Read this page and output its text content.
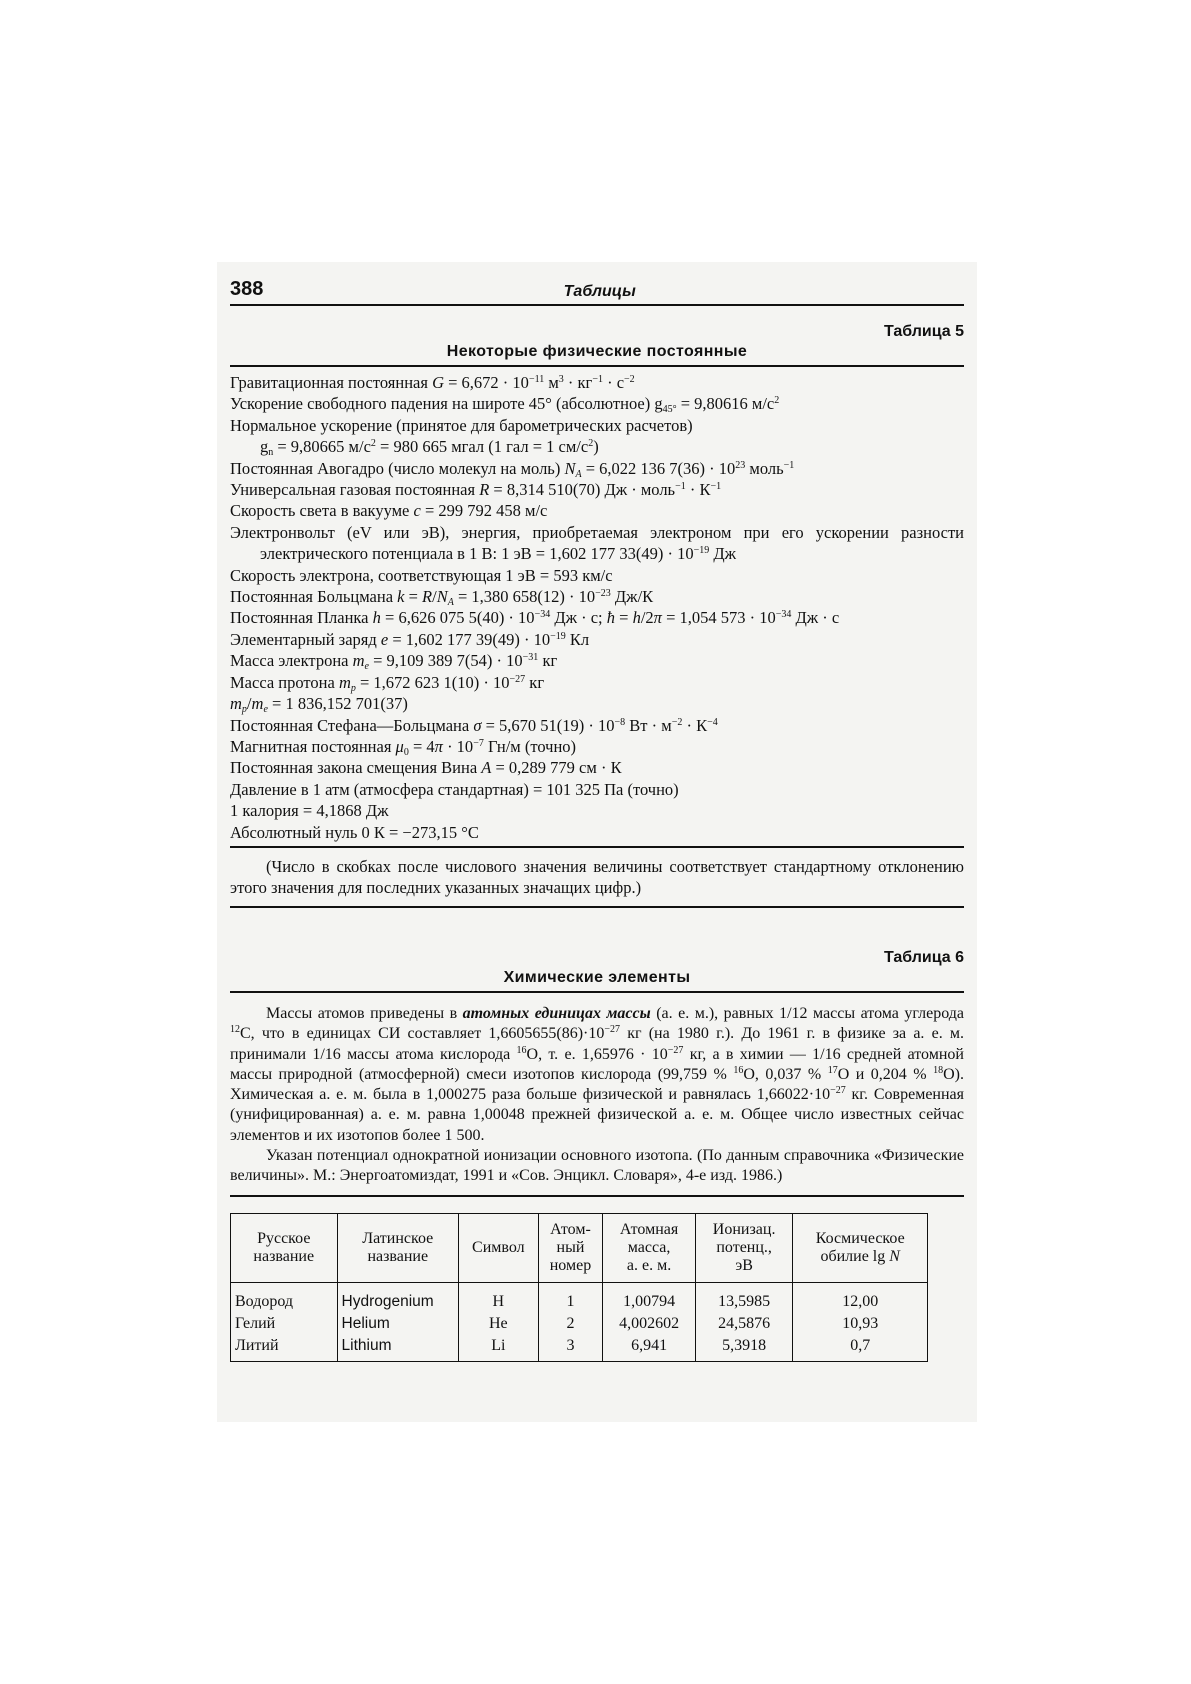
388	Таблицы
Таблица 5
Некоторые физические постоянные
Гравитационная постоянная $G = 6,672 \cdot 10^{-11}$ $м^3 \cdot кг^{-1} \cdot с^{-2}$
Ускорение свободного падения на широте 45° (абсолютное) $g_{45^\circ} = 9,80616$ $м/с^2$
Нормальное ускорение (принятое для барометрических расчетов)
$g_n = 9,80665$ $м/с^2 = 980$ 665 мгал (1 гал = 1 $см/с^2$)
Постоянная Авогадро (число молекул на моль) $N_A = 6,022$ 136 $7(36) \cdot 10^{23}$ моль$^{-1}$
Универсальная газовая постоянная R = 8,314 510(70) Дж · моль$^{-1}$ · $К^{-1}$
Скорость света в вакууме c = 299 792 458 м/с
Электронвольт (eV или эВ), энергия, приобретаемая электроном при его ускорении разности электрического потенциала в 1 В: 1 эВ = 1,602 177 $33(49) \cdot 10^{-19}$ Дж
Скорость электрона, соответствующая 1 эВ = 593 км/с
Постоянная Больцмана $k = R/N_A = 1,380$ $658(12) \cdot 10^{-23}$ Дж/К
Постоянная Планка h = 6,626 075 $5(40) \cdot 10^{-34}$ Дж · с; ħ = h/2π = 1,054 $573 \cdot 10^{-34}$ Дж · с
Элементарный заряд e = 1,602 177 $39(49) \cdot 10^{-19}$ Кл
Масса электрона $m_e = 9,109$ 389 $7(54) \cdot 10^{-31}$ кг
Масса протона $m_p = 1,672$ 623 $1(10) \cdot 10^{-27}$ кг
$m_p/m_e = 1$ 836,152 701(37)
Постоянная Стефана—Больцмана σ = 5,670 $51(19) \cdot 10^{-8}$ Вт · $м^{-2} \cdot К^{-4}$
Магнитная постоянная $\mu_0 = 4\pi \cdot 10^{-7}$ Гн/м (точно)
Постоянная закона смещения Вина A = 0,289 779 см · К
Давление в 1 атм (атмосфера стандартная) = 101 325 Па (точно)
1 калория = 4,1868 Дж
Абсолютный нуль 0 К = −273,15 °С
(Число в скобках после числового значения величины соответствует стандартному отклонению этого значения для последних указанных значащих цифр.)
Таблица 6
Химические элементы

Массы атомов приведены в атомных единицах массы (а. е. м.), равных 1/12 массы атома углерода $^{12}$С, что в единицах СИ составляет $1,6605655(86)\cdot 10^{-27}$ кг (на 1980 г.). До 1961 г. в физике за а. е. м. принимали 1/16 массы атома кислорода $^{16}$О, т. е. $1,65976 \cdot 10^{-27}$ кг, а в химии — 1/16 средней атомной массы природной (атмосферной) смеси изотопов кислорода (99,759 % $^{16}$О, 0,037 % $^{17}$О и 0,204 % $^{18}$О). Химическая а. е. м. была в 1,000275 раза больше физической и равнялась $1,66022\cdot 10^{-27}$ кг. Современная (унифицированная) а. е. м. равна 1,00048 прежней физической а. е. м. Общее число известных сейчас элементов и их изотопов более 1 500.

Указан потенциал однократной ионизации основного изотопа. (По данным справочника «Физические величины». М.: Энергоатомиздат, 1991 и «Сов. Энцикл. Словаря», 4-е изд. 1986.)

Русское
название	Латинское
название	Символ	Атом-
ный
номер	Атомная
масса,
а. е. м.	Ионизац.
потенц.,
эВ	Космическое
обилие lg N
Водород	Hydrogenium	H	1	1,00794	13,5985	12,00
Гелий	Helium	He	2	4,002602	24,5876	10,93
Литий	Lithium	Li	3	6,941	5,3918	0,7
